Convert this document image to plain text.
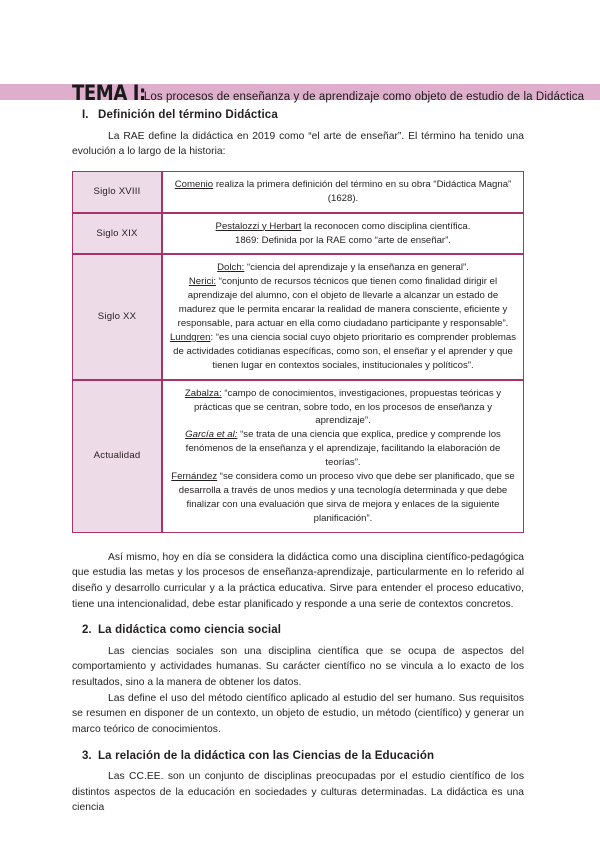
TEMA I:
Los procesos de enseñanza y de aprendizaje como objeto de estudio de la Didáctica
I. Definición del término Didáctica

La RAE define la didáctica en 2019 como “el arte de enseñar”. El término ha tenido una evolución a lo largo de la historia:

Siglo XVIII	Comenio realiza la primera definición del término en su obra “Didáctica Magna” (1628).
Siglo XIX	Pestalozzi y Herbart la reconocen como disciplina científica.
1869: Definida por la RAE como “arte de enseñar”.
Siglo XX	Dolch: “ciencia del aprendizaje y la enseñanza en general”.
Nerici: “conjunto de recursos técnicos que tienen como finalidad dirigir el aprendizaje del alumno, con el objeto de llevarle a alcanzar un estado de madurez que le permita encarar la realidad de manera consciente, eficiente y responsable, para actuar en ella como ciudadano participante y responsable”.
Lundgren: “es una ciencia social cuyo objeto prioritario es comprender problemas de actividades cotidianas específicas, como son, el enseñar y el aprender y que tienen lugar en contextos sociales, institucionales y políticos”.
Actualidad	Zabalza: “campo de conocimientos, investigaciones, propuestas teóricas y prácticas que se centran, sobre todo, en los procesos de enseñanza y aprendizaje”.
García et al: “se trata de una ciencia que explica, predice y comprende los fenómenos de la enseñanza y el aprendizaje, facilitando la elaboración de teorías”.
Fernández “se considera como un proceso vivo que debe ser planificado, que se desarrolla a través de unos medios y una tecnología determinada y que debe finalizar con una evaluación que sirva de mejora y enlaces de la siguiente planificación”.

Así mismo, hoy en día se considera la didáctica como una disciplina científico-pedagógica que estudia las metas y los procesos de enseñanza-aprendizaje, particularmente en lo referido al diseño y desarrollo curricular y a la práctica educativa. Sirve para entender el proceso educativo, tiene una intencionalidad, debe estar planificado y responde a una serie de contextos concretos.

2. La didáctica como ciencia social

Las ciencias sociales son una disciplina científica que se ocupa de aspectos del comportamiento y actividades humanas. Su carácter científico no se vincula a lo exacto de los resultados, sino a la manera de obtener los datos.

Las define el uso del método científico aplicado al estudio del ser humano. Sus requisitos se resumen en disponer de un contexto, un objeto de estudio, un método (científico) y generar un marco teórico de conocimientos.

3. La relación de la didáctica con las Ciencias de la Educación

Las CC.EE. son un conjunto de disciplinas preocupadas por el estudio científico de los distintos aspectos de la educación en sociedades y culturas determinadas. La didáctica es una ciencia
